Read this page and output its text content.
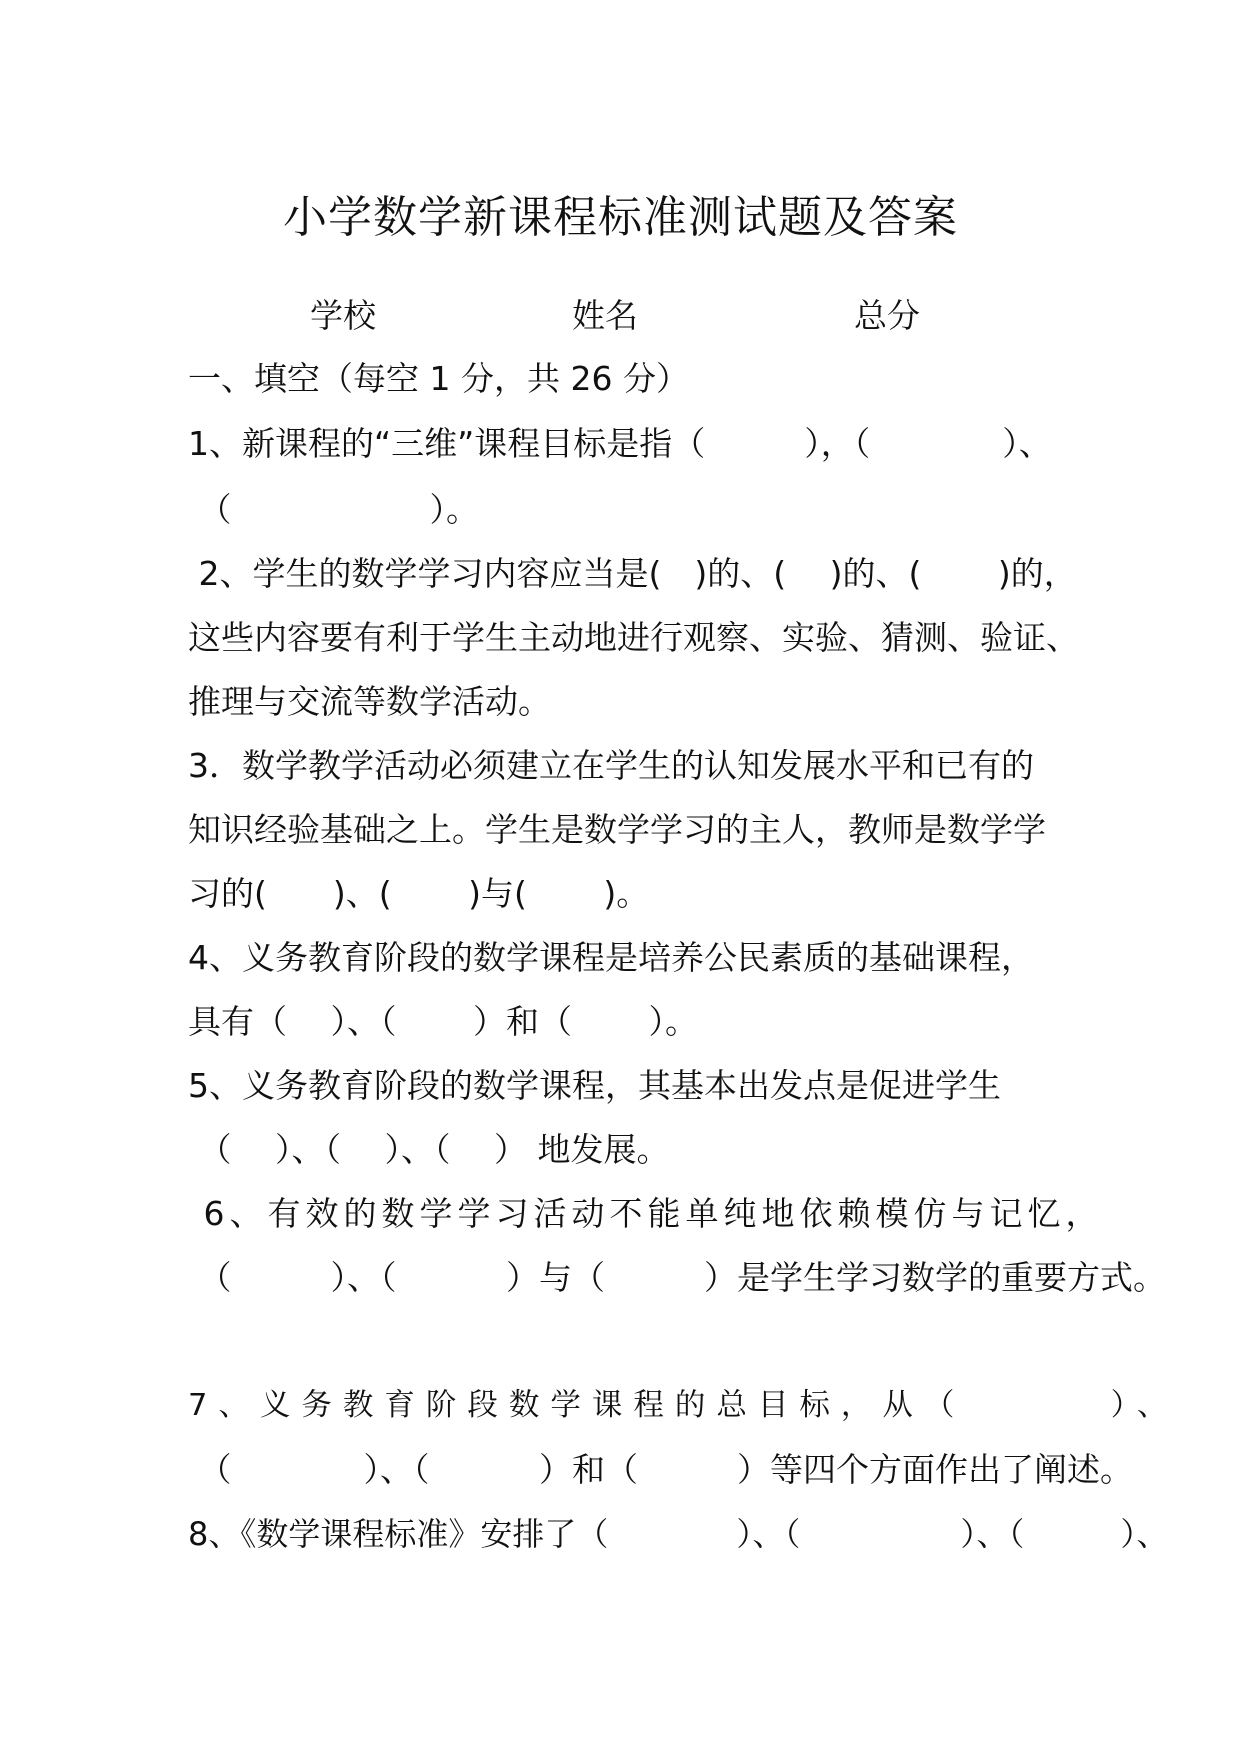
小学数学新课程标准测试题及答案
学校	姓名	总分
一、填空（每空 1 分，共 26 分）
1、新课程的“三维”课程目标是指（　　　），（　　　　）、
（　　　　　　）。
2、学生的数学学习内容应当是(　)的、(　 )的、(　　 )的，
这些内容要有利于学生主动地进行观察、实验、猜测、验证、
推理与交流等数学活动。
3．数学教学活动必须建立在学生的认知发展水平和已有的
知识经验基础之上。学生是数学学习的主人，教师是数学学
习的(　　)、(　　 )与(　　 )。
4、义务教育阶段的数学课程是培养公民素质的基础课程，
具有（　 ）、（　　 ）和（　　 ）。
5、义务教育阶段的数学课程，其基本出发点是促进学生
（　 ）、（　 ）、（　 ） 地发展。
6、有效的数学学习活动不能单纯地依赖模仿与记忆，
（　　　）、（　　　 ）与（　　　）是学生学习数学的重要方式。
7、义务教育阶段数学课程的总目标，从（　　　 ）、
（　　　　）、（　　　 ）和（　　　）等四个方面作出了阐述。
8、《数学课程标准》安排了（　　　　）、（　　　　　）、（　　　）、
